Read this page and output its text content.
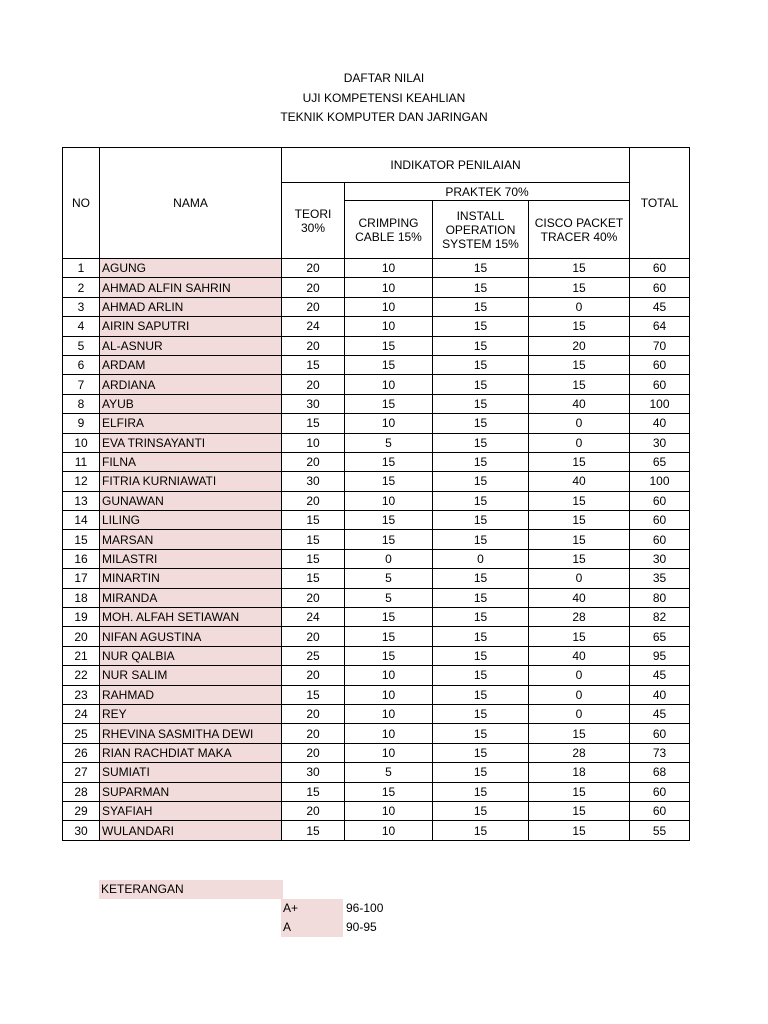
DAFTAR NILAI
UJI KOMPETENSI KEAHLIAN
TEKNIK KOMPUTER DAN JARINGAN
NO	NAMA	INDIKATOR PENILAIAN				TOTAL
		TEORI 30%	PRAKTEK 70%			
			CRIMPING CABLE 15%	INSTALL OPERATION SYSTEM 15%	CISCO PACKET TRACER 40%	
1	AGUNG	20	10	15	15	60
2	AHMAD ALFIN SAHRIN	20	10	15	15	60
3	AHMAD ARLIN	20	10	15	0	45
4	AIRIN SAPUTRI	24	10	15	15	64
5	AL-ASNUR	20	15	15	20	70
6	ARDAM	15	15	15	15	60
7	ARDIANA	20	10	15	15	60
8	AYUB	30	15	15	40	100
9	ELFIRA	15	10	15	0	40
10	EVA TRINSAYANTI	10	5	15	0	30
11	FILNA	20	15	15	15	65
12	FITRIA KURNIAWATI	30	15	15	40	100
13	GUNAWAN	20	10	15	15	60
14	LILING	15	15	15	15	60
15	MARSAN	15	15	15	15	60
16	MILASTRI	15	0	0	15	30
17	MINARTIN	15	5	15	0	35
18	MIRANDA	20	5	15	40	80
19	MOH. ALFAH SETIAWAN	24	15	15	28	82
20	NIFAN AGUSTINA	20	15	15	15	65
21	NUR QALBIA	25	15	15	40	95
22	NUR SALIM	20	10	15	0	45
23	RAHMAD	15	10	15	0	40
24	REY	20	10	15	0	45
25	RHEVINA SASMITHA DEWI	20	10	15	15	60
26	RIAN RACHDIAT MAKA	20	10	15	28	73
27	SUMIATI	30	5	15	18	68
28	SUPARMAN	15	15	15	15	60
29	SYAFIAH	20	10	15	15	60
30	WULANDARI	15	10	15	15	55
KETERANGAN
A+	96-100
A	90-95
